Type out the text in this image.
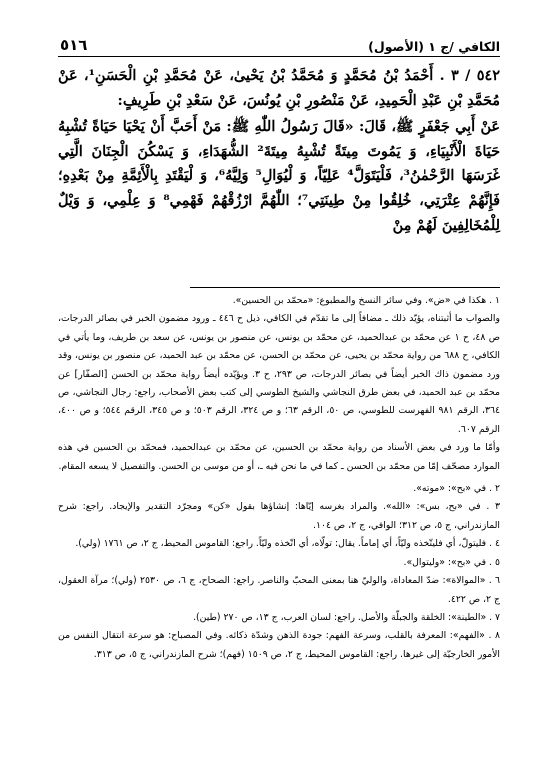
٥١٦	الكافي /ج ١ (الأصول)

٥٤٢ / ٣ . أَحْمَدُ بْنُ مُحَمَّدٍ وَ مُحَمَّدُ بْنُ يَحْيىٰ، عَنْ مُحَمَّدِ بْنِ الْحَسَنِ¹، عَنْ مُحَمَّدِ بْنِ عَبْدِ الْحَمِيدِ، عَنْ مَنْصُورِ بْنِ يُونُسَ، عَنْ سَعْدِ بْنِ طَرِيفٍ:

عَنْ أَبِي جَعْفَرٍ ﷺ، قَالَ: «قَالَ رَسُولُ اللّٰهِ ﷺ: مَنْ أَحَبَّ أَنْ يَحْيَا حَيَاةً تُشْبِهُ حَيَاةَ الْأَنْبِيَاءِ، وَ يَمُوتَ مِيتَةً تُشْبِهُ مِيتَةَ² الشُّهَدَاءِ، وَ يَسْكُنَ الْجِنَانَ الَّتِي غَرَسَهَا الرَّحْمٰنُ³، فَلْيَتَوَلَّ⁴ عَلِيّاً، وَ لْيُوَالِ⁵ وَلِيَّهُ⁶، وَ لْيَقْتَدِ بِالْأَئِمَّةِ مِنْ بَعْدِهِ؛ فَإِنَّهُمْ عِتْرَتِي، خُلِقُوا مِنْ طِينَتِي⁷؛ اللّٰهُمَّ ارْزُقْهُمْ فَهْمِي⁸ وَ عِلْمِي، وَ وَيْلٌ لِلْمُخَالِفِينَ لَهُمْ مِنْ

١ . هكذا في «ض». وفي سائر النسخ والمطبوع: «محمّد بن الحسين».

والصواب ما أثبتناه، يؤيّد ذلك ـ مضافاً إلى ما تقدّم في الكافي، ذيل ح ٤٤٦ ـ ورود مضمون الخبر في بصائر الدرجات، ص ٤٨، ح ١ عن محمّد بن عبدالحميد، عن محمّد بن يونس، عن منصور بن يونس، عن سعد بن طريف، وما يأتي في الكافي، ح ٦٨٨ من رواية محمّد بن يحيى، عن محمّد بن الحسن، عن محمّد بن عبد الحميد، عن منصور بن يونس، وقد ورد مضمون ذاك الخبر أيضاً في بصائر الدرجات، ص ٢٩٣، ح ٣. ويؤيّده أيضاً رواية محمّد بن الحسن [الصفّار] عن محمّد بن عبد الحميد، في بعض طرق النجاشي والشيخ الطوسي إلى كتب بعض الأصحاب، راجع: رجال النجاشي، ص ٣٦٤، الرقم ٩٨١ الفهرست للطوسي، ص ٥٠، الرقم ٦٣؛ و ص ٣٢٤، الرقم ٥٠٣؛ و ص ٣٤٥، الرقم ٥٤٤؛ و ص ٤٠٠، الرقم ٦٠٧.

وأمّا ما ورد في بعض الأسناد من رواية محمّد بن الحسين، عن محمّد بن عبدالحميد، فمحمّد بن الحسين في هذه الموارد مصحّف إمّا من محمّد بن الحسن ـ كما في ما نحن فيه ـ، أو من موسى بن الحسن. والتفصيل لا يسعه المقام.

٢ . في «بح»: «موته».

٣ . في «بح، بس»: «الله». والمراد بغرسه إيّاها: إنشاؤها بقول «كن» ومجرّد التقدير والإيجاد. راجع: شرح المازندراني، ج ٥، ص ٣١٢؛ الوافي، ج ٢، ص ١٠٤.

٤ . فليتولّ، أي فليتّخذه وليّاً، أي إماماً. يقال: تولّاه، أي اتّخذه وليّاً. راجع: القاموس المحيط، ج ٢، ص ١٧٦١ (ولي).

٥ . في «بح»: «وليتوال».

٦ . «الموالاة»: ضدّ المعاداة، والوليّ هنا بمعنى المحبّ والناصر. راجع: الصحاح، ج ٦، ص ٢٥٣٠ (ولي)؛ مرآة العقول، ج ٢، ص ٤٢٢.

٧ . «الطينة»: الخلقة والجبلّة والأصل. راجع: لسان العرب، ج ١٣، ص ٢٧٠ (طين).

٨ . «الفهم»: المعرفة بالقلب، وسرعة الفهم: جودة الذهن وشدّة ذكائه. وفي المصباح: هو سرعة انتقال النفس من الأمور الخارجيّة إلى غيرها. راجع: القاموس المحيط، ج ٢، ص ١٥٠٩ (فهم)؛ شرح المازندراني، ج ٥، ص ٣١٣.
